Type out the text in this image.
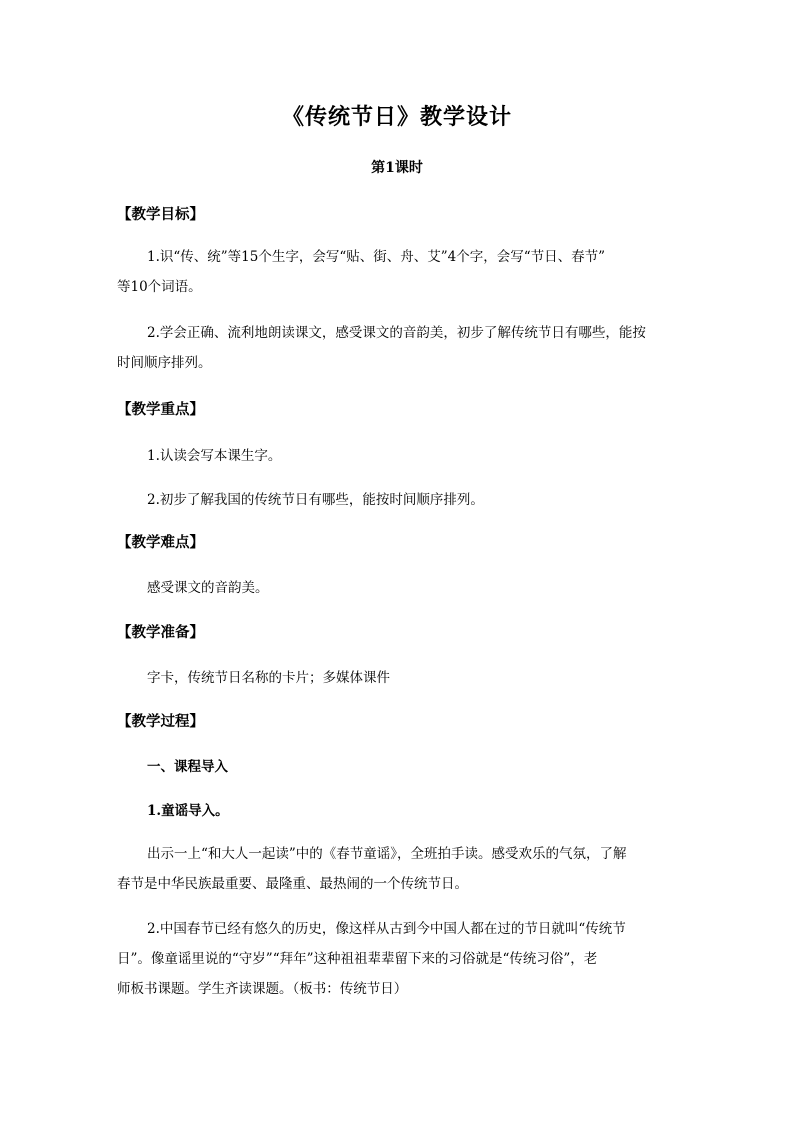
《传统节日》教学设计
第1课时
【教学目标】
1.识“传、统”等15个生字，会写“贴、街、舟、艾”4个字，会写“节日、春节”
等10个词语。
2.学会正确、流利地朗读课文，感受课文的音韵美，初步了解传统节日有哪些，能按
时间顺序排列。
【教学重点】
1.认读会写本课生字。
2.初步了解我国的传统节日有哪些，能按时间顺序排列。
【教学难点】
感受课文的音韵美。
【教学准备】
字卡，传统节日名称的卡片；多媒体课件
【教学过程】
一、课程导入
1.童谣导入。
出示一上“和大人一起读”中的《春节童谣》，全班拍手读。感受欢乐的气氛，了解
春节是中华民族最重要、最隆重、最热闹的一个传统节日。
2.中国春节已经有悠久的历史，像这样从古到今中国人都在过的节日就叫“传统节
日”。像童谣里说的“守岁”“拜年”这种祖祖辈辈留下来的习俗就是“传统习俗”，老
师板书课题。学生齐读课题。（板书：传统节日）
